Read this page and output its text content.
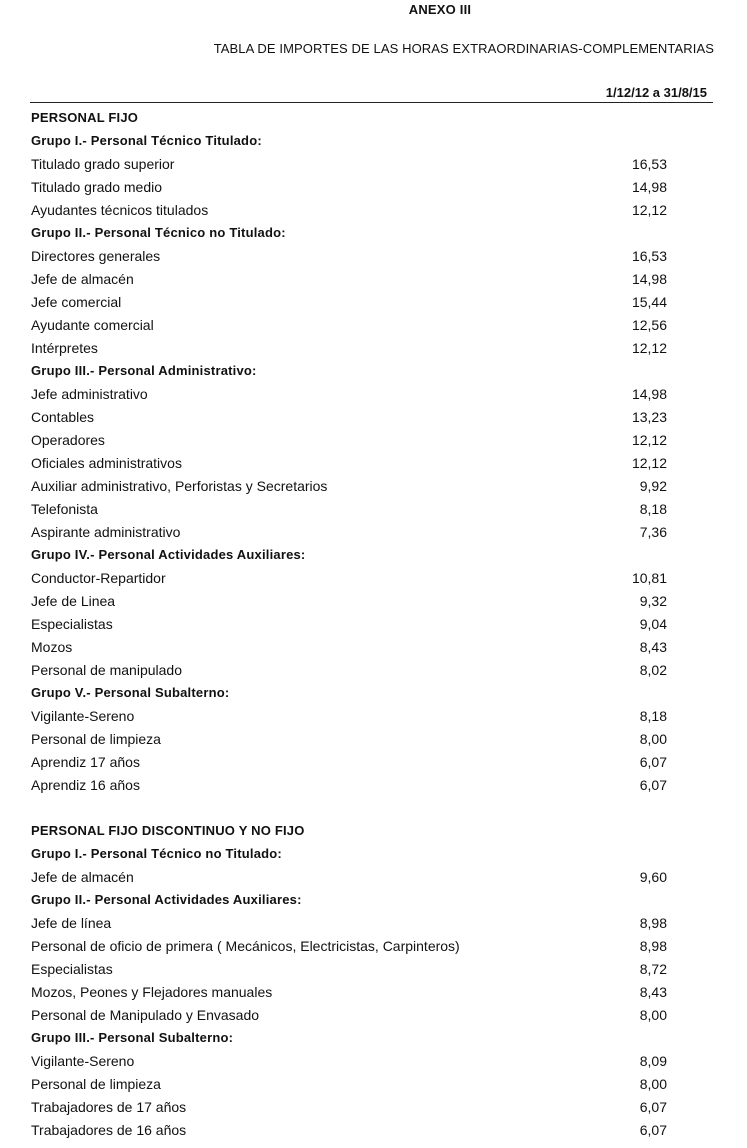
ANEXO III
TABLA DE IMPORTES DE LAS HORAS EXTRAORDINARIAS-COMPLEMENTARIAS
1/12/12 a 31/8/15
PERSONAL FIJO
Grupo I.- Personal Técnico Titulado:
Titulado grado superior	16,53
Titulado grado medio	14,98
Ayudantes técnicos titulados	12,12
Grupo II.- Personal Técnico no Titulado:
Directores generales	16,53
Jefe de almacén	14,98
Jefe comercial	15,44
Ayudante comercial	12,56
Intérpretes	12,12
Grupo III.- Personal Administrativo:
Jefe administrativo	14,98
Contables	13,23
Operadores	12,12
Oficiales administrativos	12,12
Auxiliar administrativo, Perforistas y Secretarios	9,92
Telefonista	8,18
Aspirante administrativo	7,36
Grupo IV.- Personal Actividades Auxiliares:
Conductor-Repartidor	10,81
Jefe de Linea	9,32
Especialistas	9,04
Mozos	8,43
Personal de manipulado	8,02
Grupo V.- Personal Subalterno:
Vigilante-Sereno	8,18
Personal de limpieza	8,00
Aprendiz 17 años	6,07
Aprendiz 16 años	6,07
PERSONAL FIJO DISCONTINUO Y NO FIJO
Grupo I.- Personal Técnico no Titulado:
Jefe de almacén	9,60
Grupo II.- Personal Actividades Auxiliares:
Jefe de línea	8,98
Personal de oficio de primera ( Mecánicos, Electricistas, Carpinteros)	8,98
Especialistas	8,72
Mozos, Peones y Flejadores manuales	8,43
Personal de Manipulado y Envasado	8,00
Grupo III.- Personal Subalterno:
Vigilante-Sereno	8,09
Personal de limpieza	8,00
Trabajadores de 17 años	6,07
Trabajadores de 16 años	6,07
